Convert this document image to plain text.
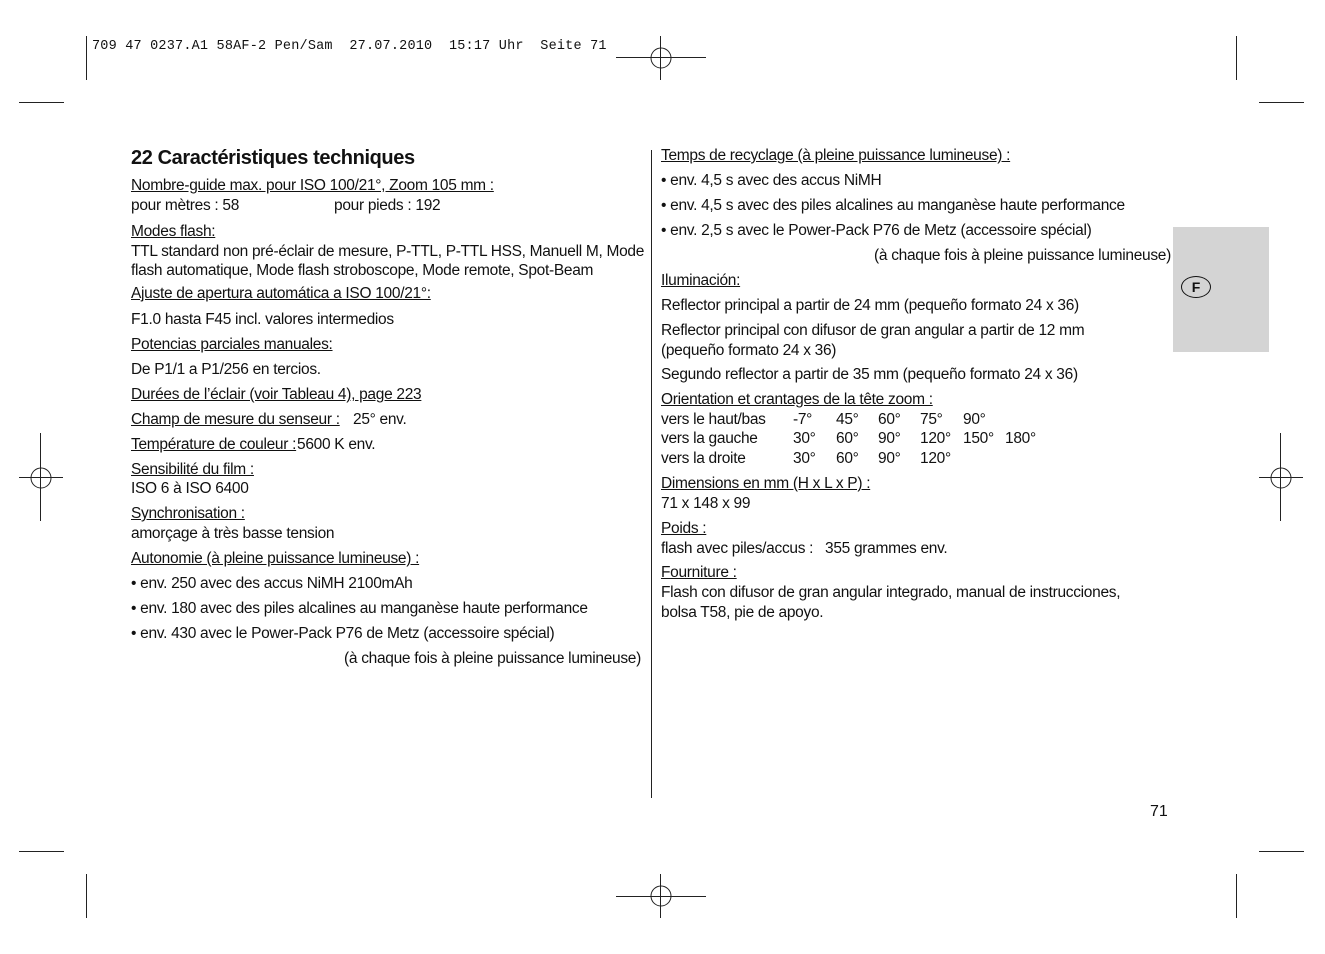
709 47 0237.A1 58AF-2 Pen/Sam  27.07.2010  15:17 Uhr  Seite 71
F
22 Caractéristiques techniques
Nombre-guide max. pour ISO 100/21°, Zoom 105 mm :
pour mètres : 58	pour pieds : 192
Modes flash:
TTL standard non pré-éclair de mesure, P-TTL, P-TTL HSS, Manuell M, Mode
flash automatique, Mode flash stroboscope, Mode remote, Spot-Beam
Ajuste de apertura automática a ISO 100/21°:
F1.0 hasta F45 incl. valores intermedios
Potencias parciales manuales:
De P1/1 a P1/256 en tercios.
Durées de l’éclair (voir Tableau 4), page 223
Champ de mesure du senseur : 25° env.
Température de couleur : 5600 K env.
Sensibilité du film :
ISO 6 à ISO 6400
Synchronisation :
amorçage à très basse tension
Autonomie (à pleine puissance lumineuse) :
• env. 250 avec des accus NiMH 2100mAh
• env. 180 avec des piles alcalines au manganèse haute performance
• env. 430 avec le Power-Pack P76 de Metz (accessoire spécial)
(à chaque fois à pleine puissance lumineuse)
Temps de recyclage (à pleine puissance lumineuse) :
• env. 4,5 s avec des accus NiMH
• env. 4,5 s avec des piles alcalines au manganèse haute performance
• env. 2,5 s avec le Power-Pack P76 de Metz (accessoire spécial)
(à chaque fois à pleine puissance lumineuse)
Iluminación:
Reflector principal a partir de 24 mm (pequeño formato 24 x 36)
Reflector principal con difusor de gran angular a partir de 12 mm
(pequeño formato 24 x 36)
Segundo reflector a partir de 35 mm (pequeño formato 24 x 36)
Orientation et crantages de la tête zoom :
vers le haut/bas -7° 45° 60° 75° 90°
vers la gauche 30° 60° 90° 120° 150° 180°
vers la droite	30° 60° 90° 120°
Dimensions en mm (H x L x P) :
71 x 148 x 99
Poids :
flash avec piles/accus : 355 grammes env.
Fourniture :
Flash con difusor de gran angular integrado, manual de instrucciones,
bolsa T58, pie de apoyo.
71
